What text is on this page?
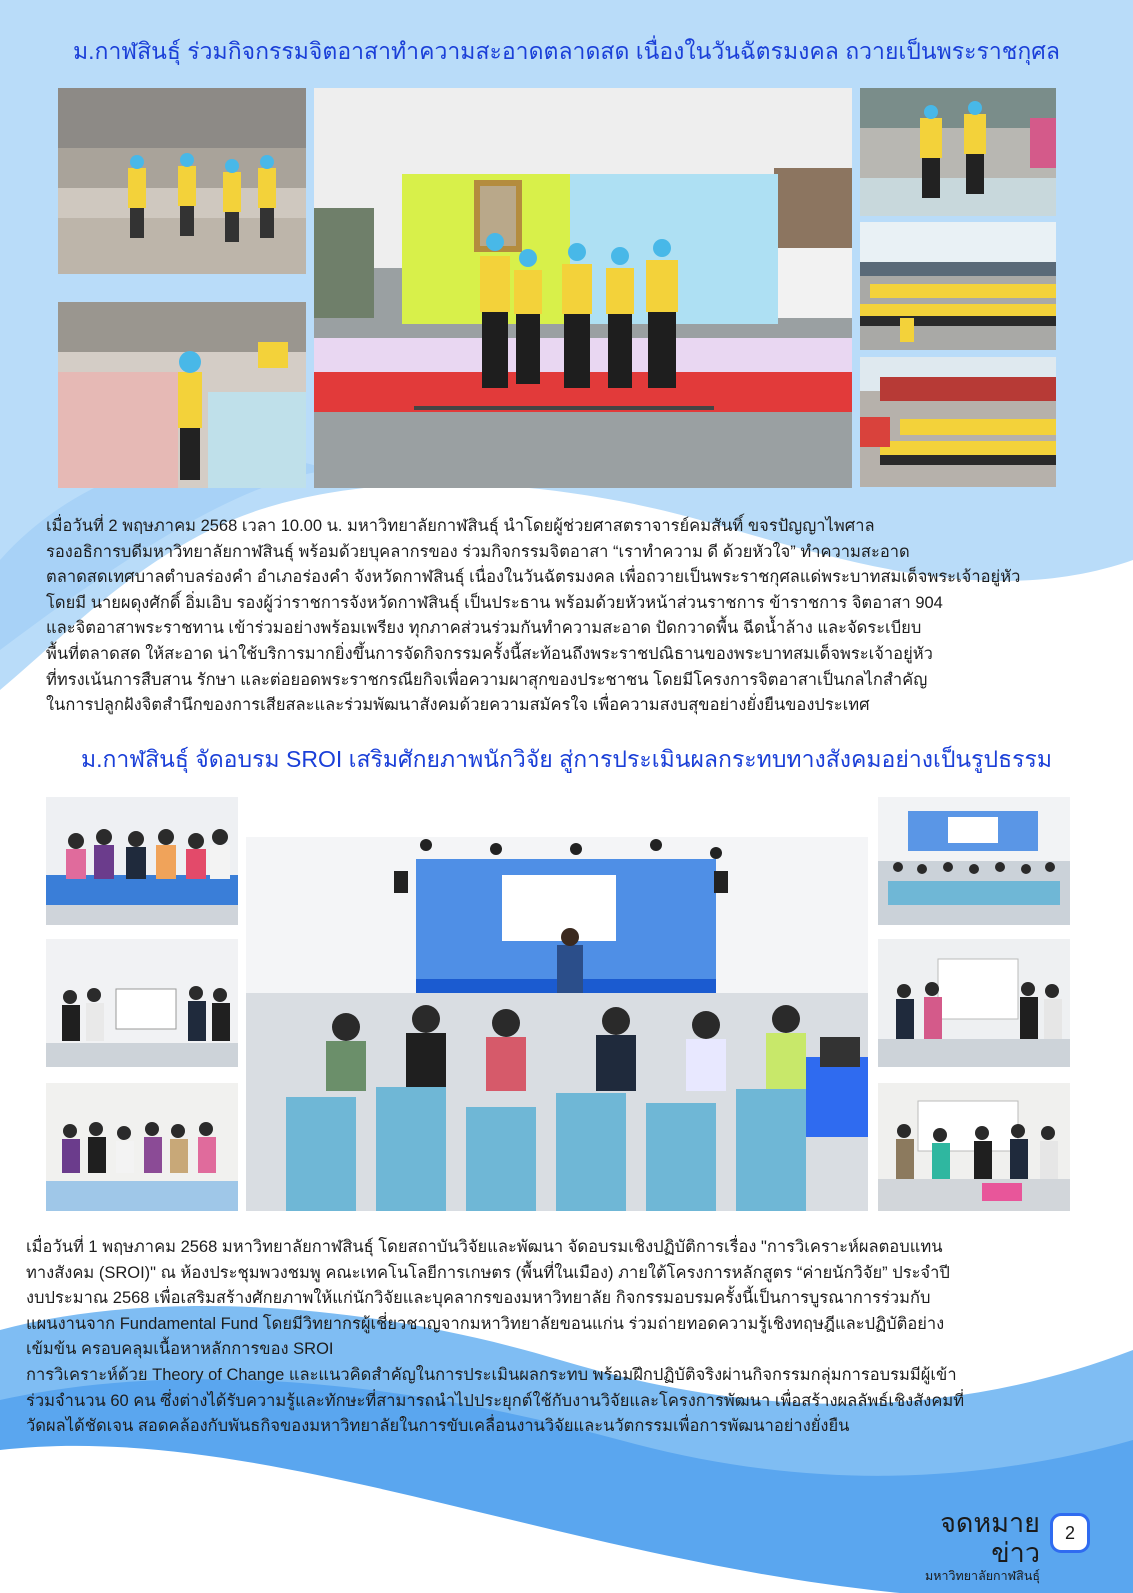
ม.กาฬสินธุ์ ร่วมกิจกรรมจิตอาสาทำความสะอาดตลาดสด เนื่องในวันฉัตรมงคล ถวายเป็นพระราชกุศล
เมื่อวันที่ 2 พฤษภาคม 2568 เวลา 10.00 น. มหาวิทยาลัยกาฬสินธุ์ นำโดยผู้ช่วยศาสตราจารย์คมสันทิ์ ขจรปัญญาไพศาล
รองอธิการบดีมหาวิทยาลัยกาฬสินธุ์ พร้อมด้วยบุคลากรของ ร่วมกิจกรรมจิตอาสา “เราทำความ ดี ด้วยหัวใจ” ทำความสะอาด
ตลาดสดเทศบาลตำบลร่องคำ อำเภอร่องคำ จังหวัดกาฬสินธุ์ เนื่องในวันฉัตรมงคล เพื่อถวายเป็นพระราชกุศลแด่พระบาทสมเด็จพระเจ้าอยู่หัว
โดยมี นายผดุงศักดิ์ อิ่มเอิบ รองผู้ว่าราชการจังหวัดกาฬสินธุ์ เป็นประธาน พร้อมด้วยหัวหน้าส่วนราชการ ข้าราชการ จิตอาสา 904
และจิตอาสาพระราชทาน เข้าร่วมอย่างพร้อมเพรียง ทุกภาคส่วนร่วมกันทำความสะอาด ปัดกวาดพื้น ฉีดน้ำล้าง และจัดระเบียบ
พื้นที่ตลาดสด ให้สะอาด น่าใช้บริการมากยิ่งขึ้นการจัดกิจกรรมครั้งนี้สะท้อนถึงพระราชปณิธานของพระบาทสมเด็จพระเจ้าอยู่หัว
ที่ทรงเน้นการสืบสาน รักษา และต่อยอดพระราชกรณียกิจเพื่อความผาสุกของประชาชน โดยมีโครงการจิตอาสาเป็นกลไกสำคัญ
ในการปลูกฝังจิตสำนึกของการเสียสละและร่วมพัฒนาสังคมด้วยความสมัครใจ เพื่อความสงบสุขอย่างยั่งยืนของประเทศ
ม.กาฬสินธุ์ จัดอบรม SROI เสริมศักยภาพนักวิจัย สู่การประเมินผลกระทบทางสังคมอย่างเป็นรูปธรรม
เมื่อวันที่ 1 พฤษภาคม 2568 มหาวิทยาลัยกาฬสินธุ์ โดยสถาบันวิจัยและพัฒนา จัดอบรมเชิงปฏิบัติการเรื่อง "การวิเคราะห์ผลตอบแทน
ทางสังคม (SROI)" ณ ห้องประชุมพวงชมพู คณะเทคโนโลยีการเกษตร (พื้นที่ในเมือง) ภายใต้โครงการหลักสูตร “ค่ายนักวิจัย” ประจำปี
งบประมาณ 2568 เพื่อเสริมสร้างศักยภาพให้แก่นักวิจัยและบุคลากรของมหาวิทยาลัย กิจกรรมอบรมครั้งนี้เป็นการบูรณาการร่วมกับ
แผนงานจาก Fundamental Fund โดยมีวิทยากรผู้เชี่ยวชาญจากมหาวิทยาลัยขอนแก่น ร่วมถ่ายทอดความรู้เชิงทฤษฎีและปฏิบัติอย่าง
เข้มข้น ครอบคลุมเนื้อหาหลักการของ SROI
การวิเคราะห์ด้วย Theory of Change และแนวคิดสำคัญในการประเมินผลกระทบ พร้อมฝึกปฏิบัติจริงผ่านกิจกรรมกลุ่มการอบรมมีผู้เข้า
ร่วมจำนวน 60 คน ซึ่งต่างได้รับความรู้และทักษะที่สามารถนำไปประยุกต์ใช้กับงานวิจัยและโครงการพัฒนา เพื่อสร้างผลลัพธ์เชิงสังคมที่
วัดผลได้ชัดเจน สอดคล้องกับพันธกิจของมหาวิทยาลัยในการขับเคลื่อนงานวิจัยและนวัตกรรมเพื่อการพัฒนาอย่างยั่งยืน
จดหมายข่าว
มหาวิทยาลัยกาฬสินธุ์
2
